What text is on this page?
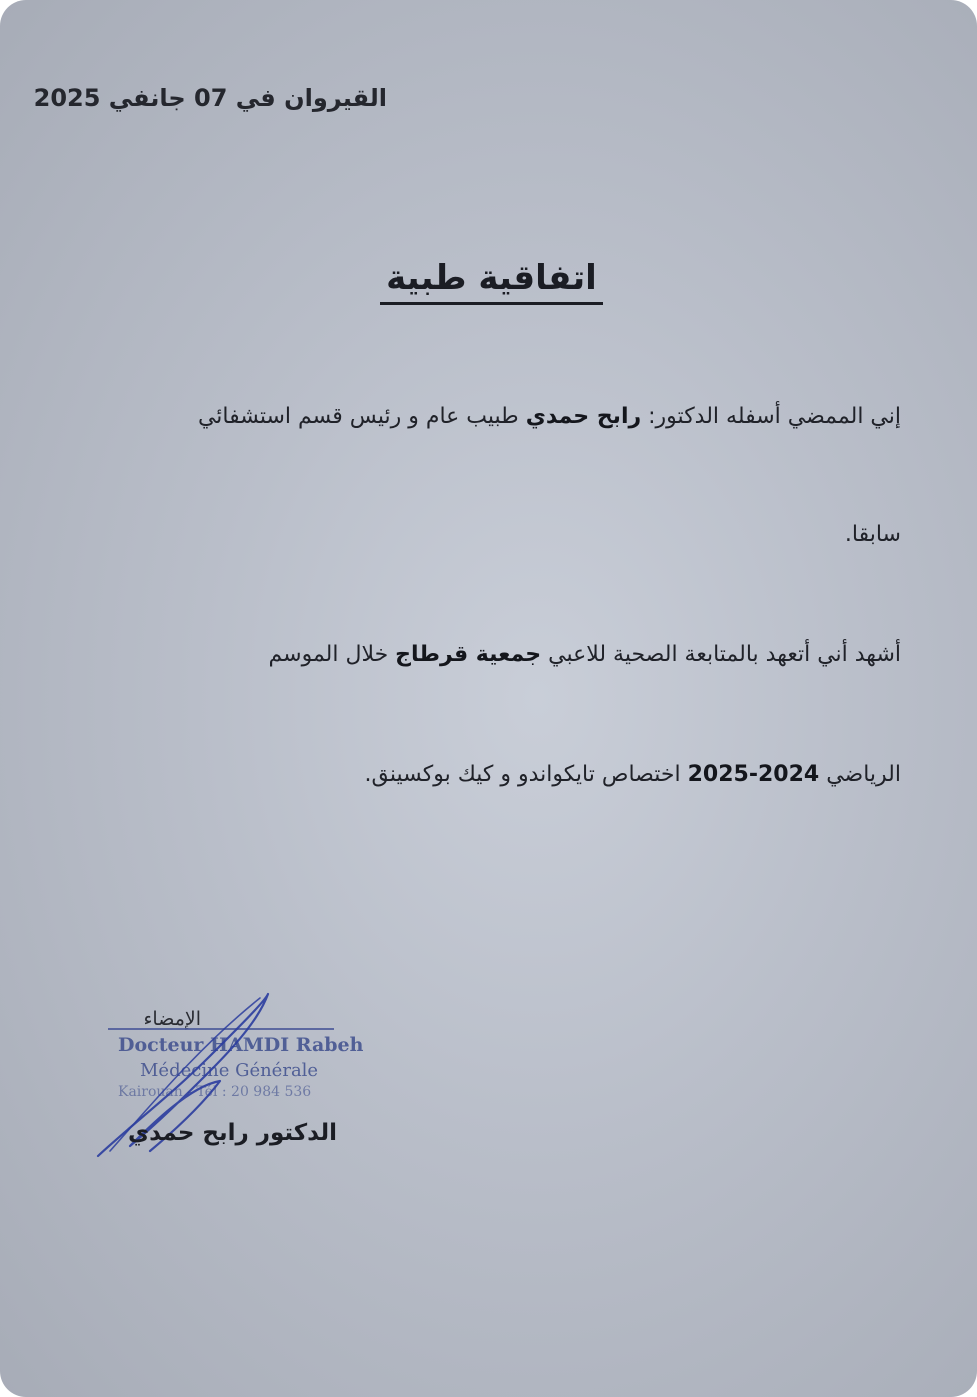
القيروان في 07 جانفي 2025
اتفاقية طبية
إني الممضي أسفله الدكتور: رابح حمدي طبيب عام و رئيس قسم استشفائي
سابقا.
أشهد أني أتعهد بالمتابعة الصحية للاعبي جمعية قرطاج خلال الموسم
الرياضي 2024-2025 اختصاص تايكواندو و كيك بوكسينق.
الإمضاء
Docteur HAMDI Rabeh
Médecine Générale
Kairouan - Tél : 20 984 536
الدكتور رابح حمدي
